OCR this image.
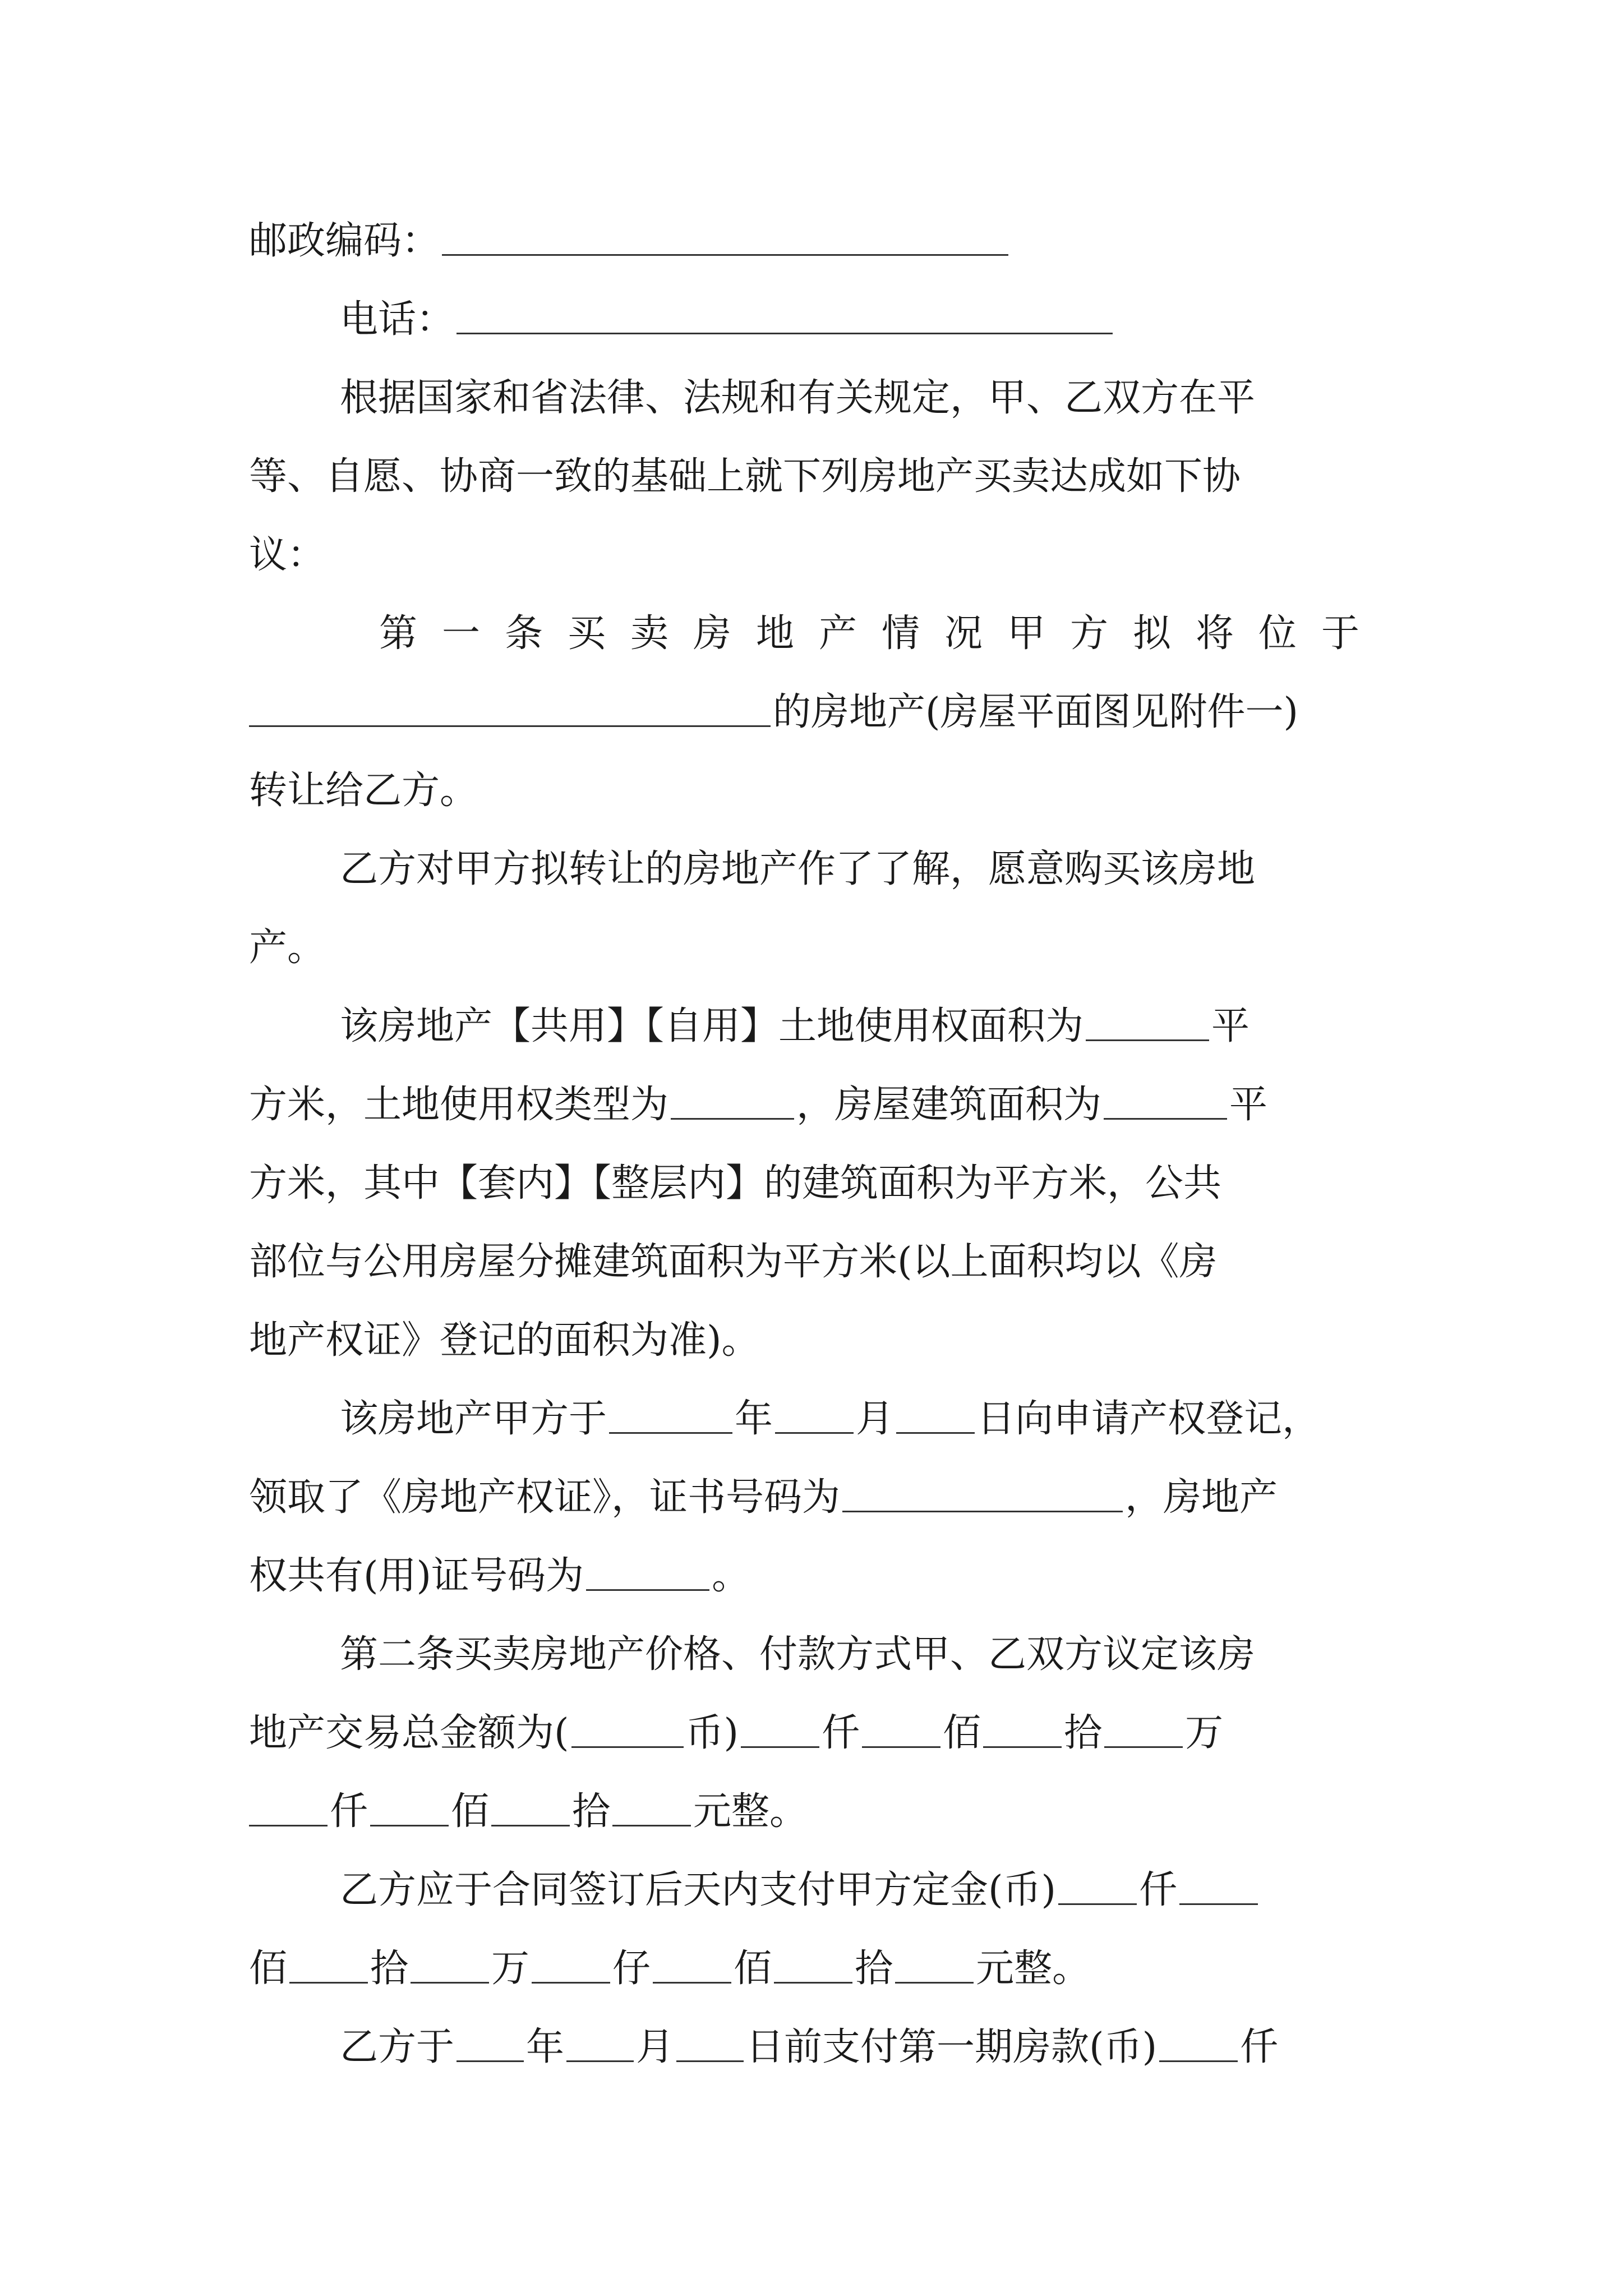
邮政编码：
电话：
根据国家和省法律、法规和有关规定，甲、乙双方在平
等、自愿、协商一致的基础上就下列房地产买卖达成如下协
议：
第一条买卖房地产情况甲方拟将位于
的房地产(房屋平面图见附件一)
转让给乙方。
乙方对甲方拟转让的房地产作了了解，愿意购买该房地
产。
该房地产【共用】【自用】土地使用权面积为	平
方米，土地使用权类型为	，房屋建筑面积为	平
方米，其中【套内】【整层内】的建筑面积为平方米，公共
部位与公用房屋分摊建筑面积为平方米(以上面积均以《房
地产权证》登记的面积为准)。
该房地产甲方于	年 月 日向申请产权登记，
领取了《房地产权证》，证书号码为	，房地产
权共有(用)证号码为	。
第二条买卖房地产价格、付款方式甲、乙双方议定该房
地产交易总金额为(	币) 仟 佰 拾 万
仟 佰 拾 元整。
乙方应于合同签订后天内支付甲方定金(币) 仟
佰 拾 万 仔 佰 拾 元整。
乙方于 年 月 日前支付第一期房款(币) 仟
